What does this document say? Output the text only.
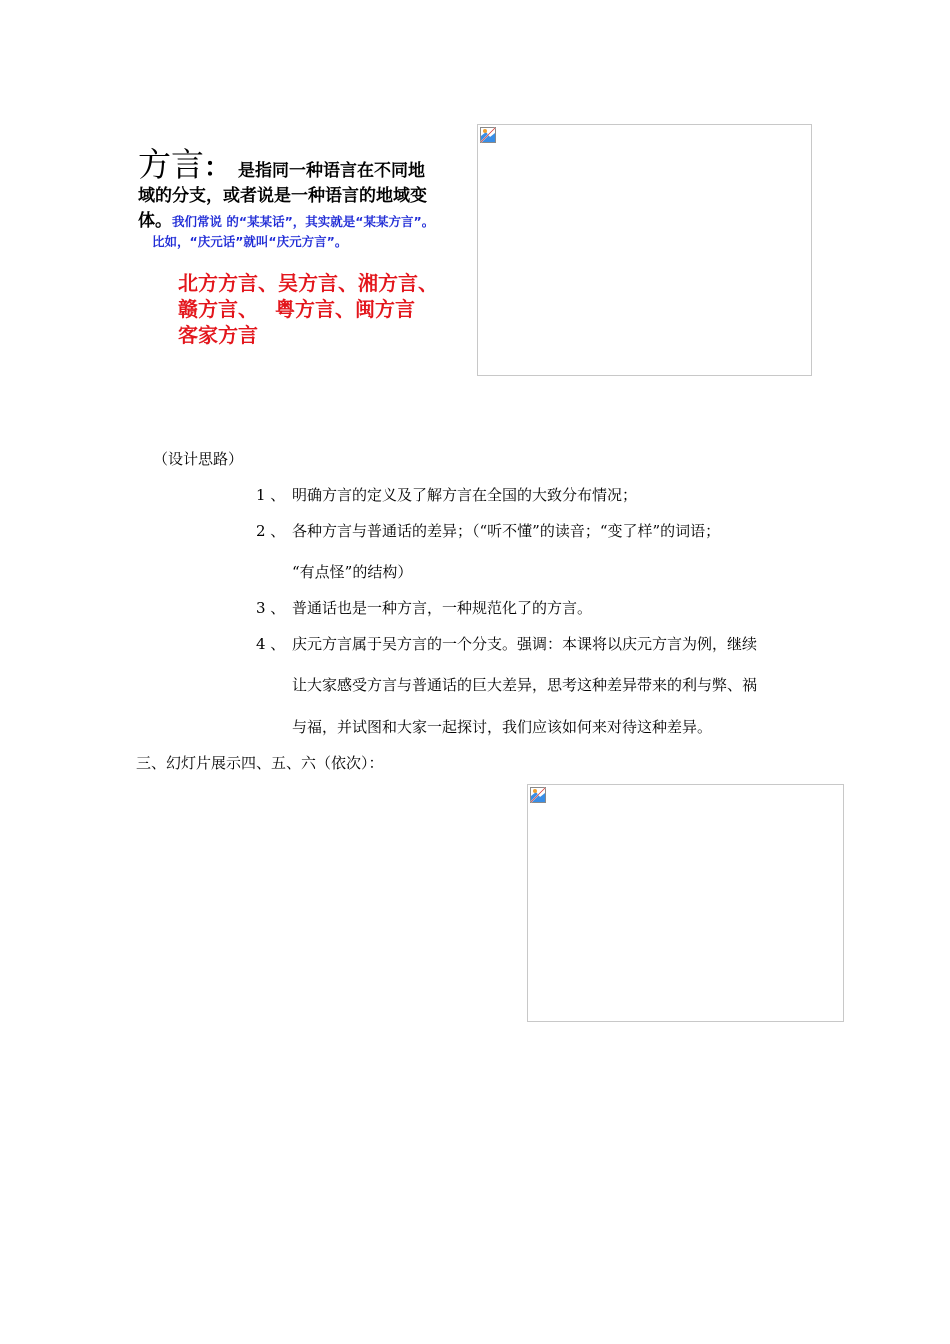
方言： 是指同一种语言在不同地
域的分支，或者说是一种语言的地域变
体。我们常说 的“某某话”，其实就是“某某方言”。
比如，“庆元话”就叫“庆元方言”。
北方方言、吴方言、湘方言、
赣方言、　 粤方言、闽方言
客家方言
（设计思路）
1 、 明确方言的定义及了解方言在全国的大致分布情况；
2 、 各种方言与普通话的差异；（“听不懂”的读音；“变了样”的词语；
“有点怪”的结构）
3 、 普通话也是一种方言，一种规范化了的方言。
4 、 庆元方言属于吴方言的一个分支。强调：本课将以庆元方言为例，继续
让大家感受方言与普通话的巨大差异，思考这种差异带来的利与弊、祸
与福，并试图和大家一起探讨，我们应该如何来对待这种差异。
三、幻灯片展示四、五、六（依次）：
